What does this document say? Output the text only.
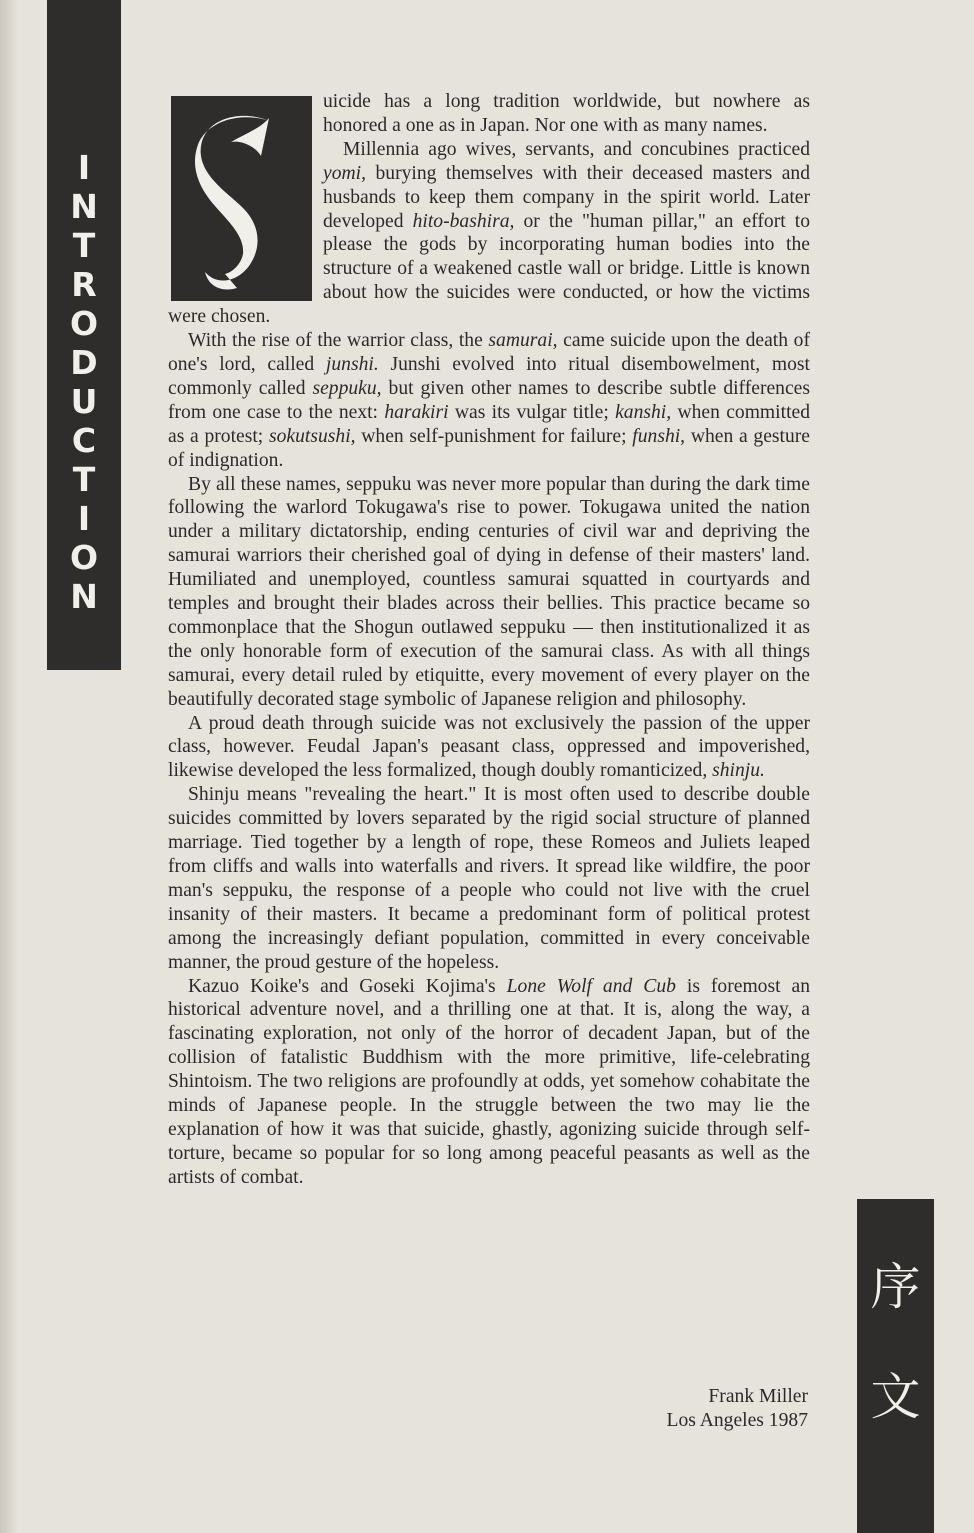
I
N
T
R
O
D
U
C
T
I
O
N

uicide has a long tradition worldwide, but nowhere as honored a one as in Japan. Nor one with as many names.

Millennia ago wives, servants, and concubines practiced yomi, burying themselves with their deceased masters and husbands to keep them company in the spirit world. Later developed hito-bashira, or the "human pillar," an effort to please the gods by incorporating human bodies into the structure of a weakened castle wall or bridge. Little is known about how the suicides were conducted, or how the victims were chosen.

With the rise of the warrior class, the samurai, came suicide upon the death of one's lord, called junshi. Junshi evolved into ritual disembowelment, most commonly called seppuku, but given other names to describe subtle differences from one case to the next: harakiri was its vulgar title; kanshi, when committed as a protest; sokutsushi, when self-punishment for failure; funshi, when a gesture of indignation.

By all these names, seppuku was never more popular than during the dark time following the warlord Tokugawa's rise to power. Tokugawa united the nation under a military dictatorship, ending centuries of civil war and depriving the samurai warriors their cherished goal of dying in defense of their masters' land. Humiliated and unemployed, countless samurai squatted in courtyards and temples and brought their blades across their bellies. This practice became so commonplace that the Shogun outlawed seppuku — then institutionalized it as the only honorable form of execution of the samurai class. As with all things samurai, every detail ruled by etiquitte, every movement of every player on the beautifully decorated stage symbolic of Japanese religion and philosophy.

A proud death through suicide was not exclusively the passion of the upper class, however. Feudal Japan's peasant class, oppressed and impoverished, likewise developed the less formalized, though doubly romanticized, shinju.

Shinju means "revealing the heart." It is most often used to describe double suicides committed by lovers separated by the rigid social structure of planned marriage. Tied together by a length of rope, these Romeos and Juliets leaped from cliffs and walls into waterfalls and rivers. It spread like wildfire, the poor man's seppuku, the response of a people who could not live with the cruel insanity of their masters. It became a predominant form of political protest among the increasingly defiant population, committed in every conceivable manner, the proud gesture of the hopeless.

Kazuo Koike's and Goseki Kojima's Lone Wolf and Cub is foremost an historical adventure novel, and a thrilling one at that. It is, along the way, a fascinating exploration, not only of the horror of decadent Japan, but of the collision of fatalistic Buddhism with the more primitive, life-celebrating Shintoism. The two religions are profoundly at odds, yet somehow cohabitate the minds of Japanese people. In the struggle between the two may lie the explanation of how it was that suicide, ghastly, agonizing suicide through self-torture, became so popular for so long among peaceful peasants as well as the artists of combat.

Frank Miller
Los Angeles 1987
序
文
